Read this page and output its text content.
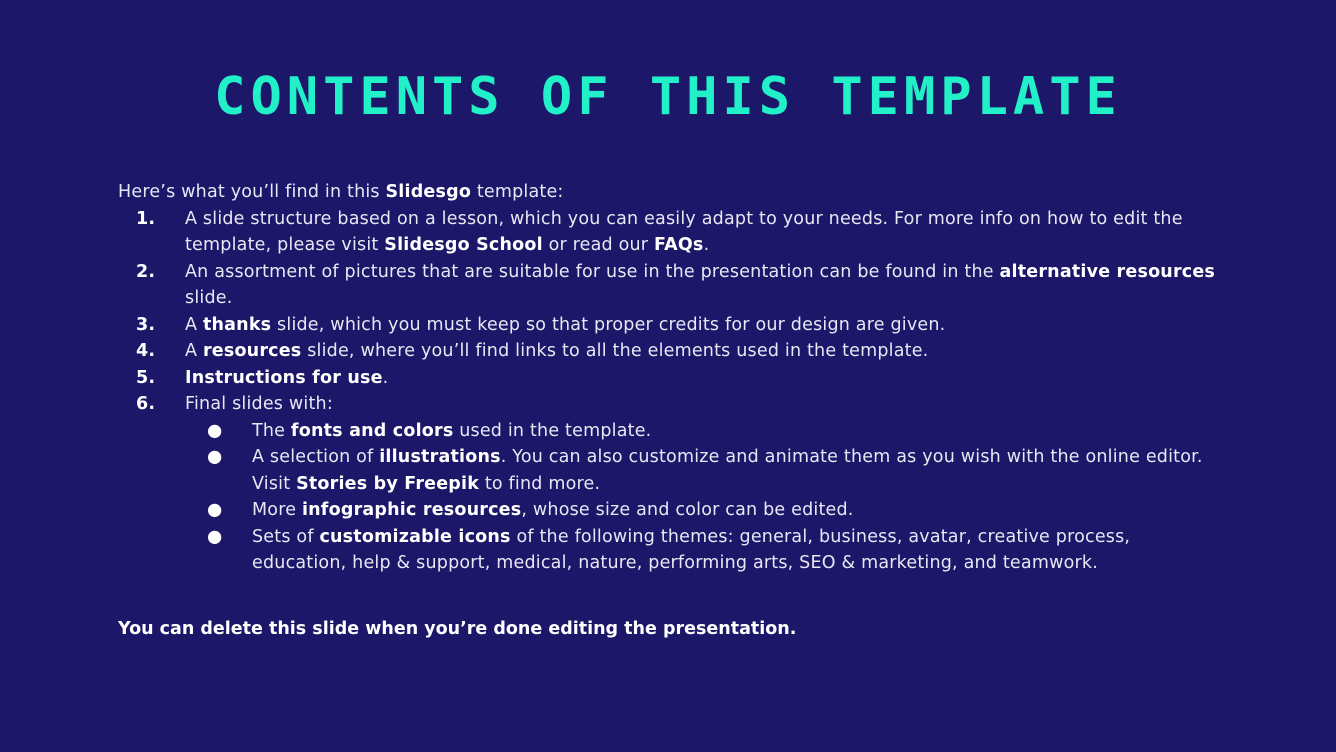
CONTENTS OF THIS TEMPLATE

Here’s what you’ll find in this Slidesgo template:

1. A slide structure based on a lesson, which you can easily adapt to your needs. For more info on how to edit the template, please visit Slidesgo School or read our FAQs.
2. An assortment of pictures that are suitable for use in the presentation can be found in the alternative resources slide.
3. A thanks slide, which you must keep so that proper credits for our design are given.
4. A resources slide, where you’ll find links to all the elements used in the template.
5. Instructions for use.
6. Final slides with:
● The fonts and colors used in the template.
● A selection of illustrations. You can also customize and animate them as you wish with the online editor. Visit Stories by Freepik to find more.
● More infographic resources, whose size and color can be edited.
● Sets of customizable icons of the following themes: general, business, avatar, creative process, education, help & support, medical, nature, performing arts, SEO & marketing, and teamwork.

You can delete this slide when you’re done editing the presentation.
